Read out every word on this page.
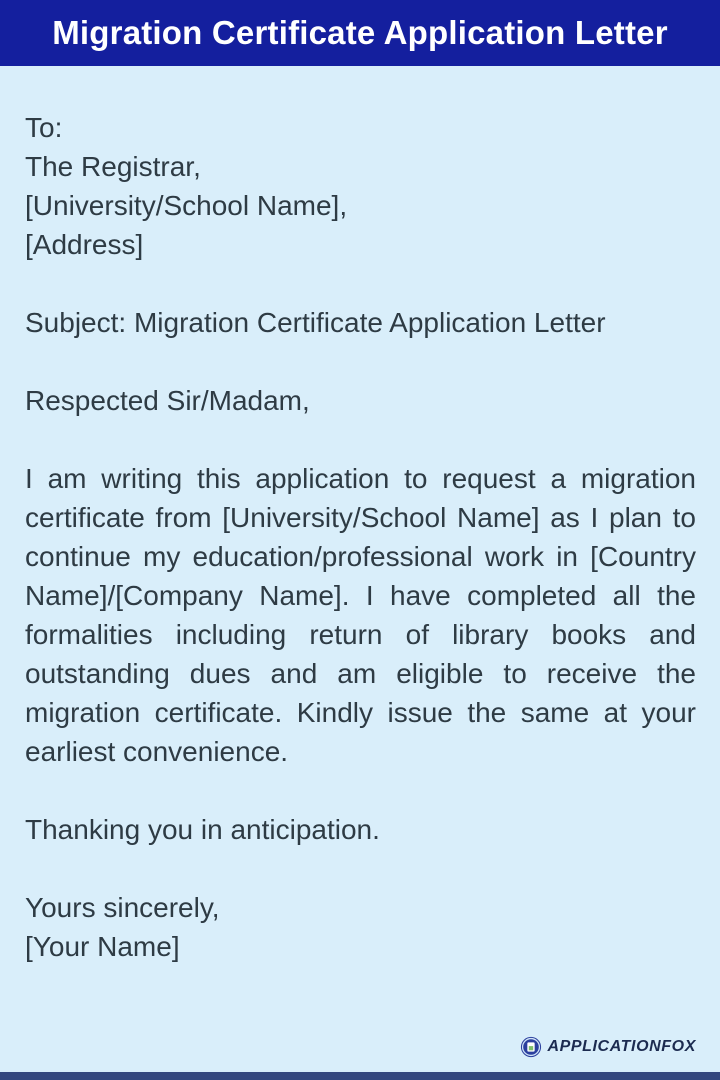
Migration Certificate Application Letter
To:
The Registrar,
[University/School Name],
[Address]
Subject: Migration Certificate Application Letter
Respected Sir/Madam,
I am writing this application to request a migration certificate from [University/School Name] as I plan to continue my education/professional work in [Country Name]/[Company Name]. I have completed all the formalities including return of library books and outstanding dues and am eligible to receive the migration certificate. Kindly issue the same at your earliest convenience.
Thanking you in anticipation.
Yours sincerely,
[Your Name]
APPLICATIONFOX
